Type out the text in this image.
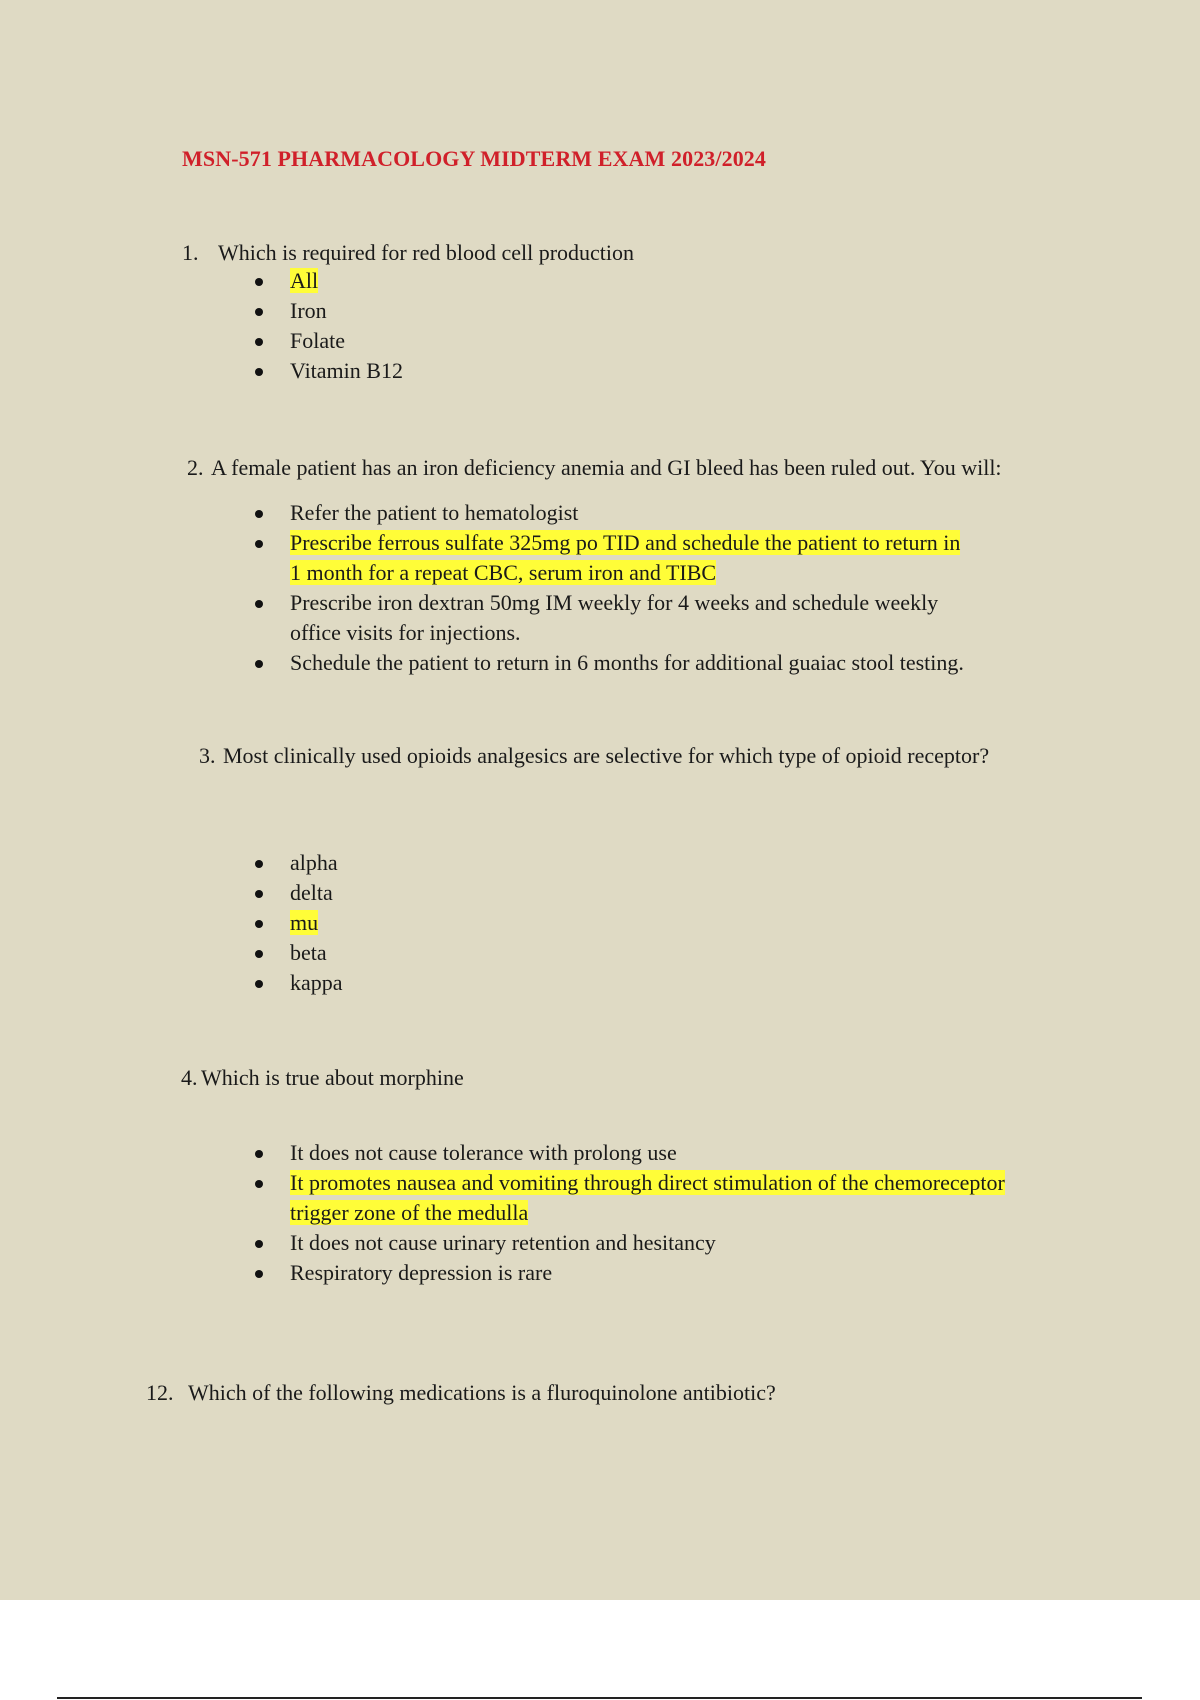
MSN-571 PHARMACOLOGY MIDTERM EXAM 2023/2024
1. Which is required for red blood cell production
All
Iron
Folate
Vitamin B12
2. A female patient has an iron deficiency anemia and GI bleed has been ruled out. You will:
Refer the patient to hematologist
Prescribe ferrous sulfate 325mg po TID and schedule the patient to return in
1 month for a repeat CBC, serum iron and TIBC
Prescribe iron dextran 50mg IM weekly for 4 weeks and schedule weekly
office visits for injections.
Schedule the patient to return in 6 months for additional guaiac stool testing.
3. Most clinically used opioids analgesics are selective for which type of opioid receptor?
alpha
delta
mu
beta
kappa
4. Which is true about morphine
It does not cause tolerance with prolong use
It promotes nausea and vomiting through direct stimulation of the chemoreceptor
trigger zone of the medulla
It does not cause urinary retention and hesitancy
Respiratory depression is rare
12. Which of the following medications is a fluroquinolone antibiotic?
